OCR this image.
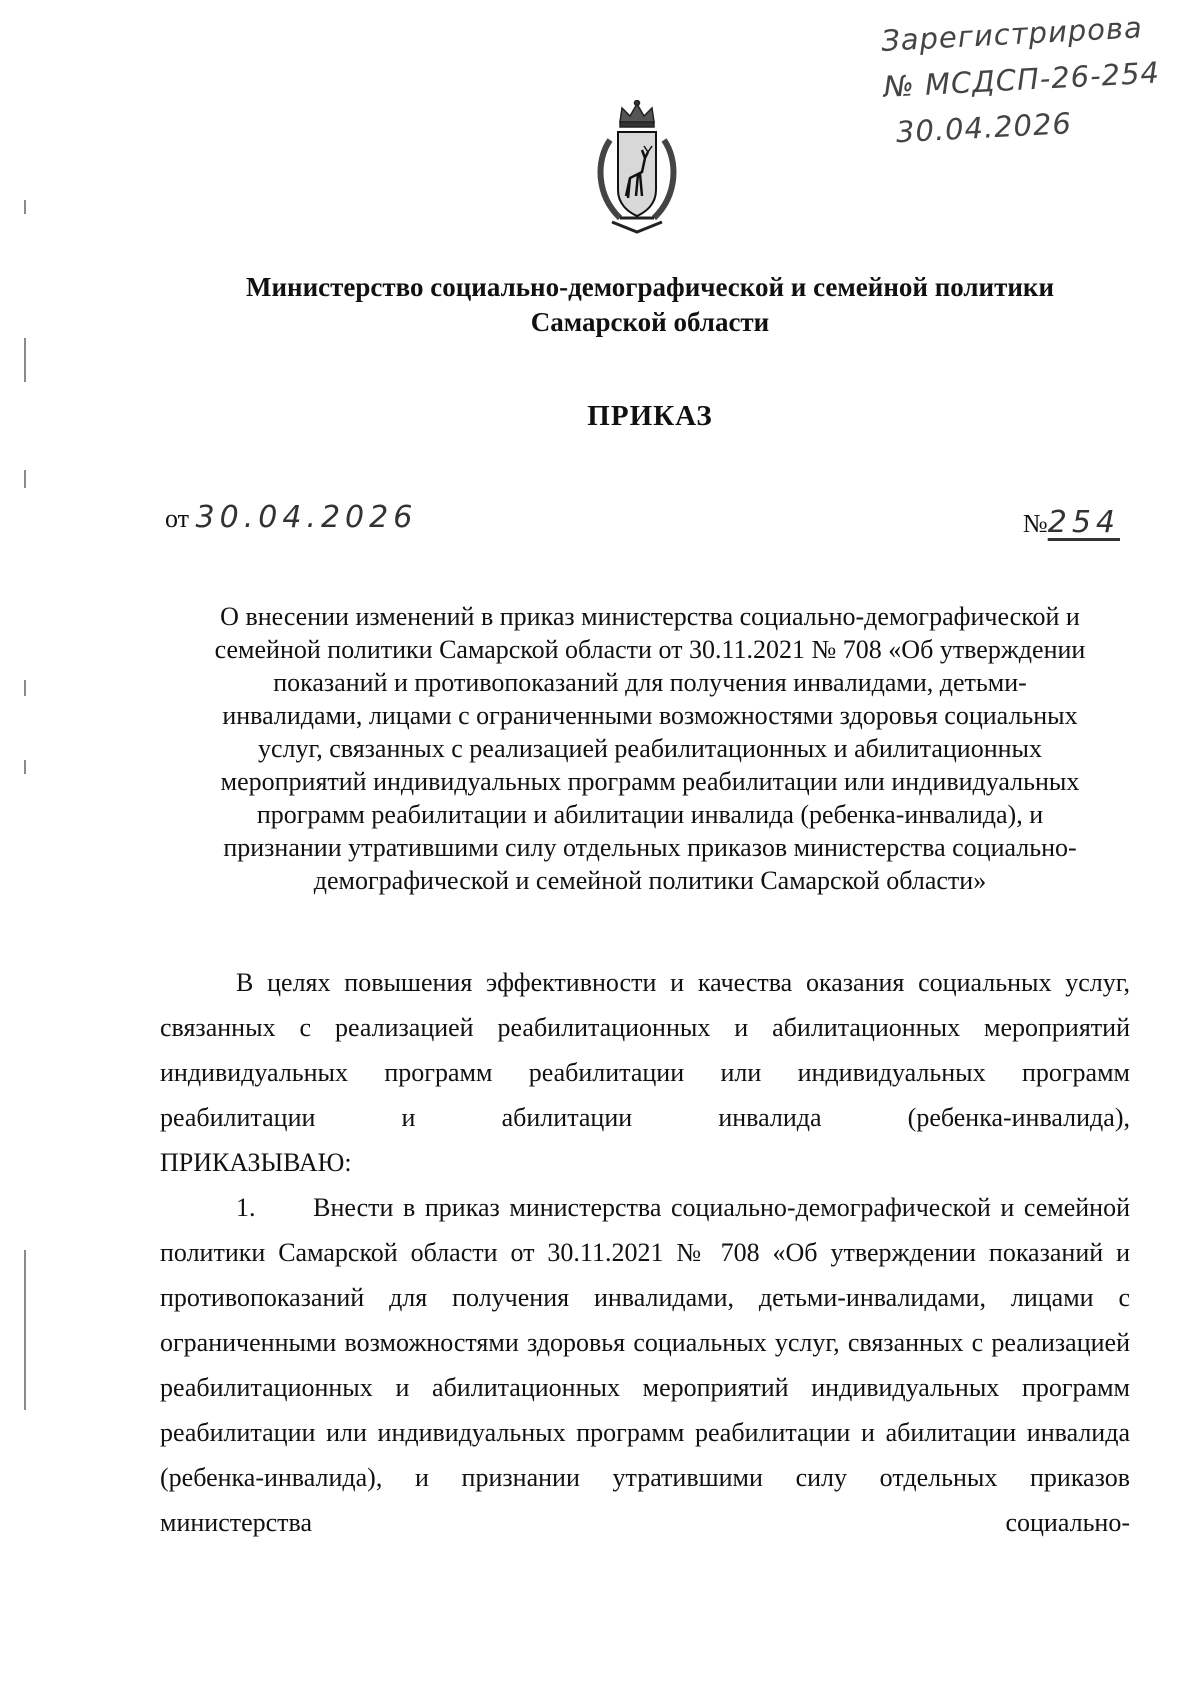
Зарегистрирова
№ МСДСП-26-254
30.04.2026
Министерство социально-демографической и семейной политики
Самарской области
ПРИКАЗ
от 30.04.2026	№254
О внесении изменений в приказ министерства социально-демографической и
семейной политики Самарской области от 30.11.2021 № 708 «Об утверждении
показаний и противопоказаний для получения инвалидами, детьми-
инвалидами, лицами с ограниченными возможностями здоровья социальных
услуг, связанных с реализацией реабилитационных и абилитационных
мероприятий индивидуальных программ реабилитации или индивидуальных
программ реабилитации и абилитации инвалида (ребенка-инвалида), и
признании утратившими силу отдельных приказов министерства социально-
демографической и семейной политики Самарской области»

В целях повышения эффективности и качества оказания социальных услуг, связанных с реализацией реабилитационных и абилитационных мероприятий индивидуальных программ реабилитации или индивидуальных программ реабилитации и абилитации инвалида (ребенка-инвалида),

ПРИКАЗЫВАЮ:

1.      Внести в приказ министерства социально-демографической и семейной политики Самарской области от 30.11.2021 № 708 «Об утверждении показаний и противопоказаний для получения инвалидами, детьми-инвалидами, лицами с ограниченными возможностями здоровья социальных услуг, связанных с реализацией реабилитационных и абилитационных мероприятий индивидуальных программ реабилитации или индивидуальных программ реабилитации и абилитации инвалида (ребенка-инвалида), и признании утратившими силу отдельных приказов министерства социально-
